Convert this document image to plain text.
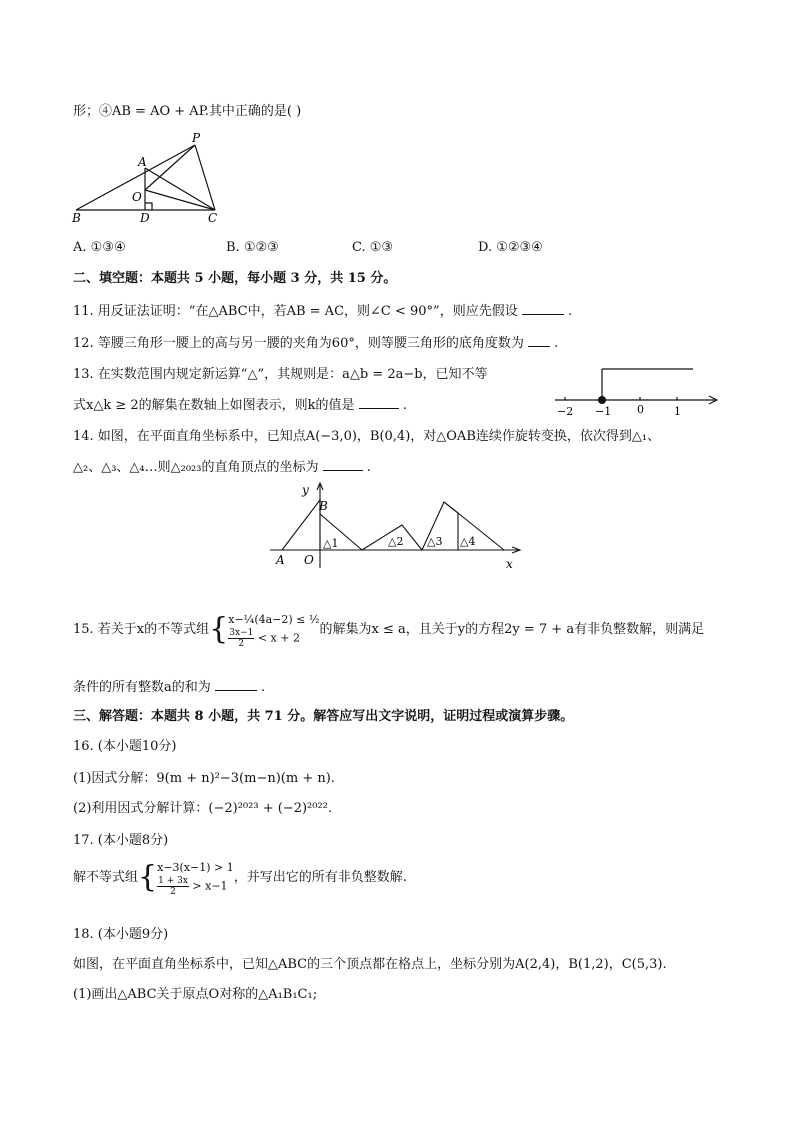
形；④AB = AO + AP.其中正确的是( )
P
A
O
B	D	C
A. ①③④	B. ①②③	C. ①③	D. ①②③④
二、填空题：本题共 5 小题，每小题 3 分，共 15 分。
11. 用反证法证明：“在△ABC中，若AB = AC，则∠C < 90°”，则应先假设	.
12. 等腰三角形一腰上的高与另一腰的夹角为60°，则等腰三角形的底角度数为  .
13. 在实数范围内规定新运算“△”，其规则是：a△b = 2a−b，已知不等
式x△k ≥ 2的解集在数轴上如图表示，则k的值是	.	−2 −1 0	1
14. 如图，在平面直角坐标系中，已知点A(−3,0)，B(0,4)，对△OAB连续作旋转变换，依次得到△₁、
△₂、△₃、△₄…则△₂₀₂₃的直角顶点的坐标为	.
y
B
A O	x
△1	△2 △3 △4
15. 若关于x的不等式组{x−¼(4a−2) ≤ ½

$\frac{3x-1}{2} < x + 2$的解集为x ≤ a，且关于y的方程2y = 7 + a有非负整数解，则满足
条件的所有整数a的和为	.
三、解答题：本题共 8 小题，共 71 分。解答应写出文字说明，证明过程或演算步骤。
16. (本小题10分)
(1)因式分解：9(m + n)²−3(m−n)(m + n).
(2)利用因式分解计算：(−2)²⁰²³ + (−2)²⁰²².
17. (本小题8分)
解不等式组{x−3(x−1) > 1

$\frac{1 + 3x}{2} > x-1$，并写出它的所有非负整数解.
18. (本小题9分)
如图，在平面直角坐标系中，已知△ABC的三个顶点都在格点上，坐标分别为A(2,4)，B(1,2)，C(5,3).
(1)画出△ABC关于原点O对称的△A₁B₁C₁;
